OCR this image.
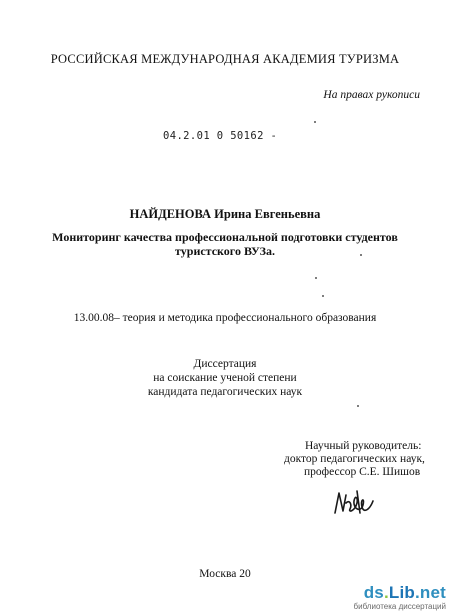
РОССИЙСКАЯ МЕЖДУНАРОДНАЯ АКАДЕМИЯ ТУРИЗМА
На правах рукописи
04.2.01 0 50162 -
НАЙДЕНОВА Ирина Евгеньевна
Мониторинг качества профессиональной подготовки студентов
туристского ВУЗа.
13.00.08– теория и методика профессионального образования
Диссертация
на соискание ученой степени
кандидата педагогических наук
Научный руководитель:
доктор педагогических наук,
профессор С.Е. Шишов
Москва 20
ds.Lib.net
библиотека диссертаций
